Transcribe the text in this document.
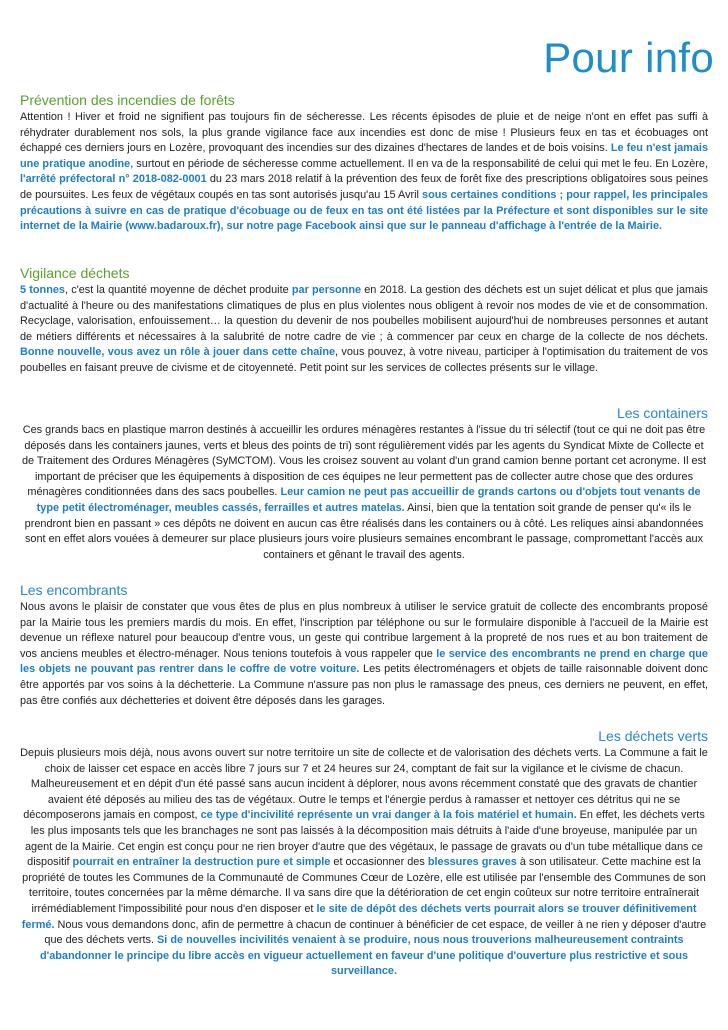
Pour info
Prévention des incendies de forêts

Attention ! Hiver et froid ne signifient pas toujours fin de sécheresse. Les récents épisodes de pluie et de neige n'ont en effet pas suffi à réhydrater durablement nos sols, la plus grande vigilance face aux incendies est donc de mise ! Plusieurs feux en tas et écobuages ont échappé ces derniers jours en Lozère, provoquant des incendies sur des dizaines d'hectares de landes et de bois voisins. Le feu n'est jamais une pratique anodine, surtout en période de sécheresse comme actuellement. Il en va de la responsabilité de celui qui met le feu. En Lozère, l'arrêté préfectoral n° 2018-082-0001 du 23 mars 2018 relatif à la prévention des feux de forêt fixe des prescriptions obligatoires sous peines de poursuites. Les feux de végétaux coupés en tas sont autorisés jusqu'au 15 Avril sous certaines conditions ; pour rappel, les principales précautions à suivre en cas de pratique d'écobuage ou de feux en tas ont été listées par la Préfecture et sont disponibles sur le site internet de la Mairie (www.badaroux.fr), sur notre page Facebook ainsi que sur le panneau d'affichage à l'entrée de la Mairie.

Vigilance déchets

5 tonnes, c'est la quantité moyenne de déchet produite par personne en 2018. La gestion des déchets est un sujet délicat et plus que jamais d'actualité à l'heure ou des manifestations climatiques de plus en plus violentes nous obligent à revoir nos modes de vie et de consommation. Recyclage, valorisation, enfouissement… la question du devenir de nos poubelles mobilisent aujourd'hui de nombreuses personnes et autant de métiers différents et nécessaires à la salubrité de notre cadre de vie ; à commencer par ceux en charge de la collecte de nos déchets. Bonne nouvelle, vous avez un rôle à jouer dans cette chaîne, vous pouvez, à votre niveau, participer à l'optimisation du traitement de vos poubelles en faisant preuve de civisme et de citoyenneté. Petit point sur les services de collectes présents sur le village.

Les containers

Ces grands bacs en plastique marron destinés à accueillir les ordures ménagères restantes à l'issue du tri sélectif (tout ce qui ne doit pas être déposés dans les containers jaunes, verts et bleus des points de tri) sont régulièrement vidés par les agents du Syndicat Mixte de Collecte et de Traitement des Ordures Ménagères (SyMCTOM). Vous les croisez souvent au volant d'un grand camion benne portant cet acronyme. Il est important de préciser que les équipements à disposition de ces équipes ne leur permettent pas de collecter autre chose que des ordures ménagères conditionnées dans des sacs poubelles. Leur camion ne peut pas accueillir de grands cartons ou d'objets tout venants de type petit électroménager, meubles cassés, ferrailles et autres matelas. Ainsi, bien que la tentation soit grande de penser qu'« ils le prendront bien en passant » ces dépôts ne doivent en aucun cas être réalisés dans les containers ou à côté. Les reliques ainsi abandonnées sont en effet alors vouées à demeurer sur place plusieurs jours voire plusieurs semaines encombrant le passage, compromettant l'accès aux containers et gênant le travail des agents.

Les encombrants

Nous avons le plaisir de constater que vous êtes de plus en plus nombreux à utiliser le service gratuit de collecte des encombrants proposé par la Mairie tous les premiers mardis du mois. En effet, l'inscription par téléphone ou sur le formulaire disponible à l'accueil de la Mairie est devenue un réflexe naturel pour beaucoup d'entre vous, un geste qui contribue largement à la propreté de nos rues et au bon traitement de vos anciens meubles et électro-ménager. Nous tenions toutefois à vous rappeler que le service des encombrants ne prend en charge que les objets ne pouvant pas rentrer dans le coffre de votre voiture. Les petits électroménagers et objets de taille raisonnable doivent donc être apportés par vos soins à la déchetterie. La Commune n'assure pas non plus le ramassage des pneus, ces derniers ne peuvent, en effet, pas être confiés aux déchetteries et doivent être déposés dans les garages.

Les déchets verts

Depuis plusieurs mois déjà, nous avons ouvert sur notre territoire un site de collecte et de valorisation des déchets verts. La Commune a fait le choix de laisser cet espace en accès libre 7 jours sur 7 et 24 heures sur 24, comptant de fait sur la vigilance et le civisme de chacun. Malheureusement et en dépit d'un été passé sans aucun incident à déplorer, nous avons récemment constaté que des gravats de chantier avaient été déposés au milieu des tas de végétaux. Outre le temps et l'énergie perdus à ramasser et nettoyer ces détritus qui ne se décomposerons jamais en compost, ce type d'incivilité représente un vrai danger à la fois matériel et humain. En effet, les déchets verts les plus imposants tels que les branchages ne sont pas laissés à la décomposition mais détruits à l'aide d'une broyeuse, manipulée par un agent de la Mairie. Cet engin est conçu pour ne rien broyer d'autre que des végétaux, le passage de gravats ou d'un tube métallique dans ce dispositif pourrait en entraîner la destruction pure et simple et occasionner des blessures graves à son utilisateur. Cette machine est la propriété de toutes les Communes de la Communauté de Communes Cœur de Lozère, elle est utilisée par l'ensemble des Communes de son territoire, toutes concernées par la même démarche. Il va sans dire que la détérioration de cet engin coûteux sur notre territoire entraînerait irrémédiablement l'impossibilité pour nous d'en disposer et le site de dépôt des déchets verts pourrait alors se trouver définitivement fermé. Nous vous demandons donc, afin de permettre à chacun de continuer à bénéficier de cet espace, de veiller à ne rien y déposer d'autre que des déchets verts. Si de nouvelles incivilités venaient à se produire, nous nous trouverions malheureusement contraints d'abandonner le principe du libre accès en vigueur actuellement en faveur d'une politique d'ouverture plus restrictive et sous surveillance.
